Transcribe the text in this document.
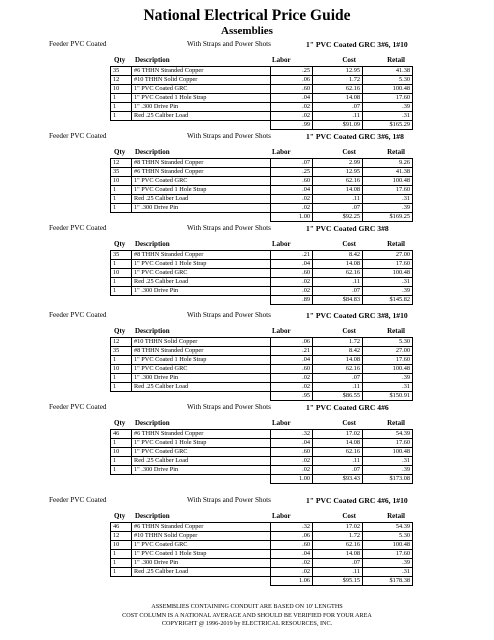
National Electrical Price Guide
Assemblies
Feeder PVC Coated	With Straps and Power Shots	1" PVC Coated GRC 3#6, 1#10
Qty Description	Labor	Cost	Retail
35	#6 THHN Stranded Copper	.25	12.95	41.38
12	#10 THHN Solid Copper	.06	1.72	5.30
10	1" PVC Coated GRC	.60	62.16	100.48
1	1" PVC Coated 1 Hole Strap	.04	14.08	17.60
1	1" .300 Drive Pin	.02	.07	.39
1	Red .25 Caliber Load	.02	.11	.31
		.99	$91.09	$165.29
Feeder PVC Coated	With Straps and Power Shots	1" PVC Coated GRC 3#6, 1#8
Qty Description	Labor	Cost	Retail
12	#8 THHN Stranded Copper	.07	2.99	9.26
35	#6 THHN Stranded Copper	.25	12.95	41.38
10	1" PVC Coated GRC	.60	62.16	100.48
1	1" PVC Coated 1 Hole Strap	.04	14.08	17.60
1	Red .25 Caliber Load	.02	.11	.31
1	1" .300 Drive Pin	.02	.07	.39
		1.00	$92.25	$169.25
Feeder PVC Coated	With Straps and Power Shots	1" PVC Coated GRC 3#8
Qty Description	Labor	Cost	Retail
35	#8 THHN Stranded Copper	.21	8.42	27.00
1	1" PVC Coated 1 Hole Strap	.04	14.08	17.60
10	1" PVC Coated GRC	.60	62.16	100.48
1	Red .25 Caliber Load	.02	.11	.31
1	1" .300 Drive Pin	.02	.07	.39
		.89	$84.83	$145.82
Feeder PVC Coated	With Straps and Power Shots	1" PVC Coated GRC 3#8, 1#10
Qty Description	Labor	Cost	Retail
12	#10 THHN Solid Copper	.06	1.72	5.30
35	#8 THHN Stranded Copper	.21	8.42	27.00
1	1" PVC Coated 1 Hole Strap	.04	14.08	17.60
10	1" PVC Coated GRC	.60	62.16	100.48
1	1" .300 Drive Pin	.02	.07	.39
1	Red .25 Caliber Load	.02	.11	.31
		.95	$86.55	$150.91
Feeder PVC Coated	With Straps and Power Shots	1" PVC Coated GRC 4#6
Qty Description	Labor	Cost	Retail
46	#6 THHN Stranded Copper	.32	17.02	54.39
1	1" PVC Coated 1 Hole Strap	.04	14.08	17.60
10	1" PVC Coated GRC	.60	62.16	100.48
1	Red .25 Caliber Load	.02	.11	.31
1	1" .300 Drive Pin	.02	.07	.39
		1.00	$93.43	$173.08
Feeder PVC Coated	With Straps and Power Shots	1" PVC Coated GRC 4#6, 1#10
Qty Description	Labor	Cost	Retail
46	#6 THHN Stranded Copper	.32	17.02	54.39
12	#10 THHN Solid Copper	.06	1.72	5.30
10	1" PVC Coated GRC	.60	62.16	100.48
1	1" PVC Coated 1 Hole Strap	.04	14.08	17.60
1	1" .300 Drive Pin	.02	.07	.39
1	Red .25 Caliber Load	.02	.11	.31
		1.06	$95.15	$178.38
ASSEMBLIES CONTAINING CONDUIT ARE BASED ON 10' LENGTHS
COST COLUMN IS A NATIONAL AVERAGE AND SHOULD BE VERIFIED FOR YOUR AREA
COPYRIGHT @ 1996-2019 by ELECTRICAL RESOURCES, INC.
